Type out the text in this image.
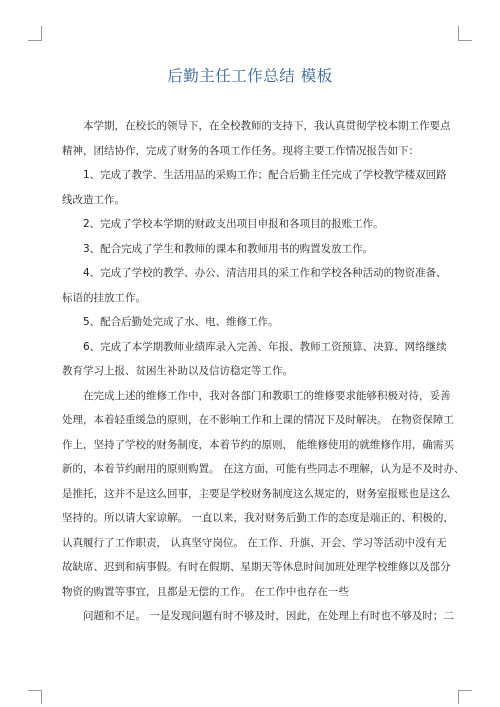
后勤主任工作总结 模板

本学期，在校长的领导下，在全校教师的支持下，我认真贯彻学校本期工作要点

精神，团结协作，完成了财务的各项工作任务。现将主要工作情况报告如下：

1、完成了教学、生活用品的采购工作；配合后勤主任完成了学校教学楼双回路

线改造工作。

2、完成了学校本学期的财政支出项目申报和各项目的报账工作。

3、配合完成了学生和教师的课本和教师用书的购置发放工作。

4、完成了学校的教学、办公、清洁用具的采工作和学校各种活动的物资准备、

标语的挂放工作。

5、配合后勤处完成了水、电、维修工作。

6、完成了本学期教师业绩库录入完善、年报、教师工资预算、决算、网络继续

教育学习上报、贫困生补助以及信访稳定等工作。

在完成上述的维修工作中，我对各部门和教职工的维修要求能够积极对待，妥善

处理，本着轻重缓急的原则，在不影响工作和上课的情况下及时解决。 在物资保障工

作上，坚持了学校的财务制度，本着节约的原则， 能维修使用的就维修作用，确需买

新的，本着节约耐用的原则购置。 在这方面，可能有些同志不理解，认为是不及时办、

是推托，这并不是这么回事，主要是学校财务制度这么规定的，财务室报账也是这么

坚持的。所以请大家谅解。 一直以来，我对财务后勤工作的态度是端正的、积极的，

认真履行了工作职责， 认真坚守岗位。 在工作、升旗、开会、学习等活动中没有无

故缺席、迟到和病事假。有时在假期、星期天等休息时间加班处理学校维修以及部分

物资的购置等事宜，且都是无偿的工作。 在工作中也存在一些

问题和不足。 一是发现问题有时不够及时，因此，在处理上有时也不够及时；二
